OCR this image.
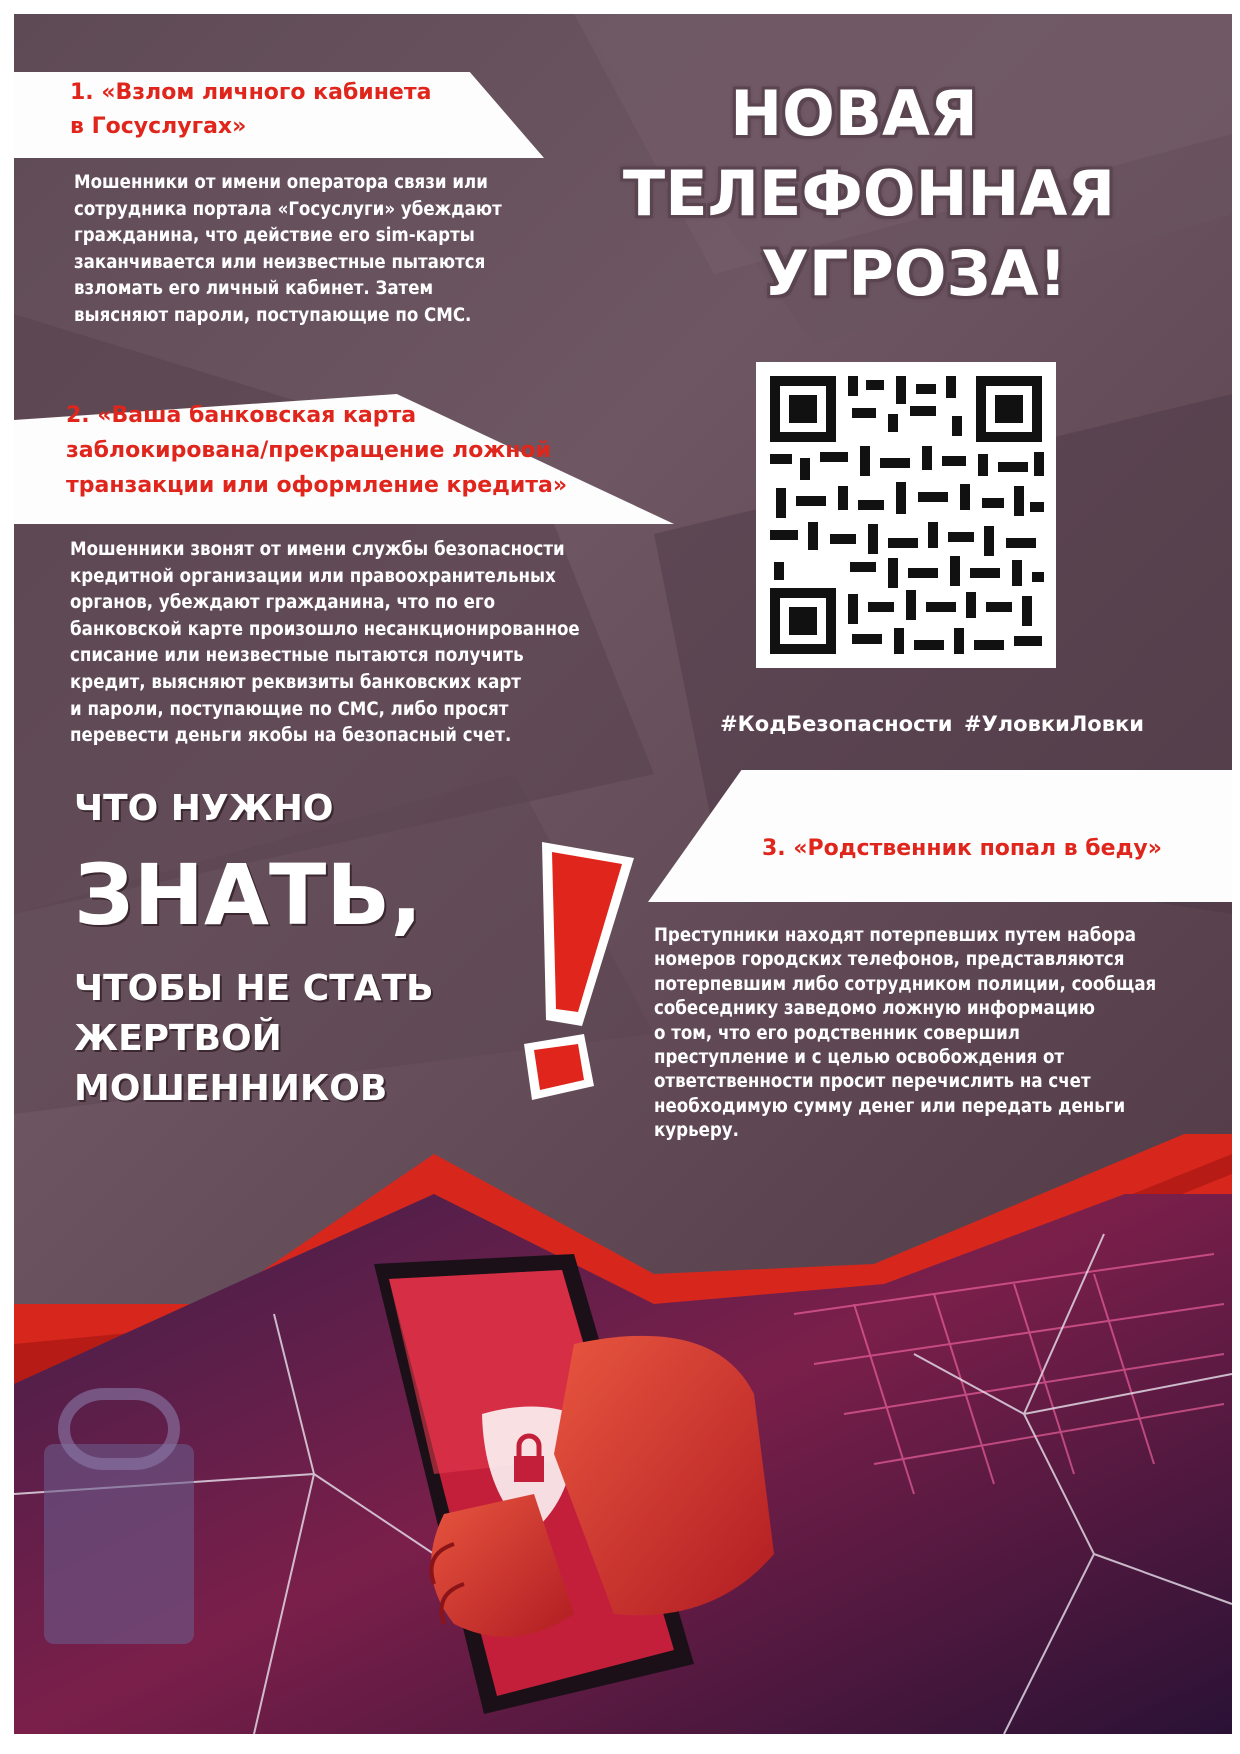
1. «Взлом личного кабинета
в Госуслугах»
Мошенники от имени оператора связи или
сотрудника портала «Госуслуги» убеждают
гражданина, что действие его sim-карты
заканчивается или неизвестные пытаются
взломать его личный кабинет. Затем
выясняют пароли, поступающие по СМС.
2. «Ваша банковская карта
заблокирована/прекращение ложной
транзакции или оформление кредита»
Мошенники звонят от имени службы безопасности
кредитной организации или правоохранительных
органов, убеждают гражданина, что по его
банковской карте произошло несанкционированное
списание или неизвестные пытаются получить
кредит, выясняют реквизиты банковских карт
и пароли, поступающие по СМС, либо просят
перевести деньги якобы на безопасный счет.
НОВАЯ
ТЕЛЕФОННАЯ
УГРОЗА!
#КодБезопасности #УловкиЛовки
3. «Родственник попал в беду»
Преступники находят потерпевших путем набора
номеров городских телефонов, представляются
потерпевшим либо сотрудником полиции, сообщая
собеседнику заведомо ложную информацию
о том, что его родственник совершил
преступление и с целью освобождения от
ответственности просит перечислить на счет
необходимую сумму денег или передать деньги
курьеру.
ЧТО НУЖНО
ЗНАТЬ,
ЧТОБЫ НЕ СТАТЬ
ЖЕРТВОЙ
МОШЕННИКОВ
